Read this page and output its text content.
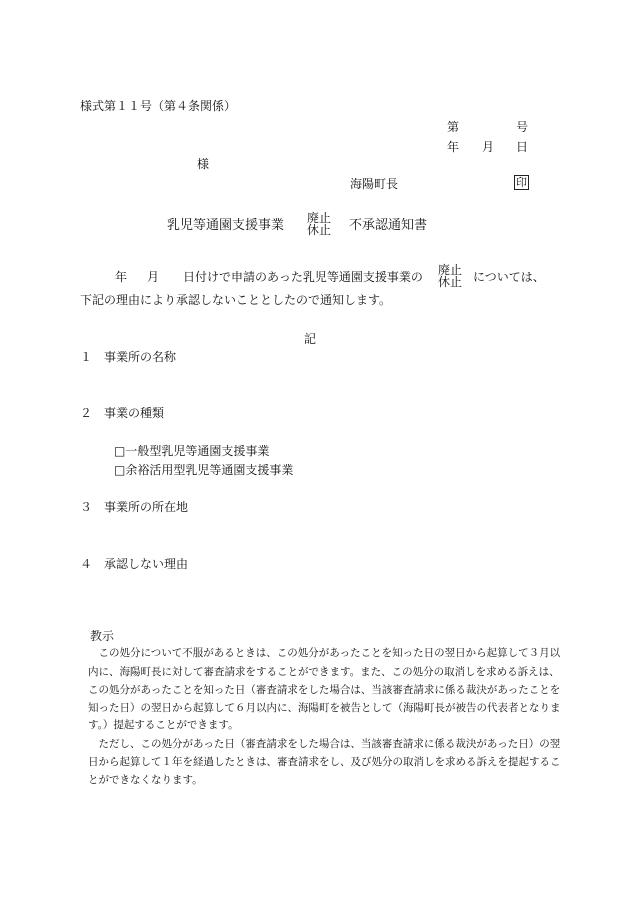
様式第１１号（第４条関係）
第	号
年 月 日
様
海陽町長	印
乳児等通園支援事業 廃止
休止 不承認通知書
年 月 日付けで申請のあった乳児等通園支援事業の 廃止
休止 については、
下記の理由により承認しないこととしたので通知します。
記
１　事業所の名称
２　事業の種類
□一般型乳児等通園支援事業
□余裕活用型乳児等通園支援事業
３　事業所の所在地
４　承認しない理由
教示
　この処分について不服があるときは、この処分があったことを知った日の翌日から起算して３月以
内に、海陽町長に対して審査請求をすることができます。また、この処分の取消しを求める訴えは、
この処分があったことを知った日（審査請求をした場合は、当該審査請求に係る裁決があったことを
知った日）の翌日から起算して６月以内に、海陽町を被告として（海陽町長が被告の代表者となりま
す。）提起することができます。
　ただし、この処分があった日（審査請求をした場合は、当該審査請求に係る裁決があった日）の翌
日から起算して１年を経過したときは、審査請求をし、及び処分の取消しを求める訴えを提起するこ
とができなくなります。
